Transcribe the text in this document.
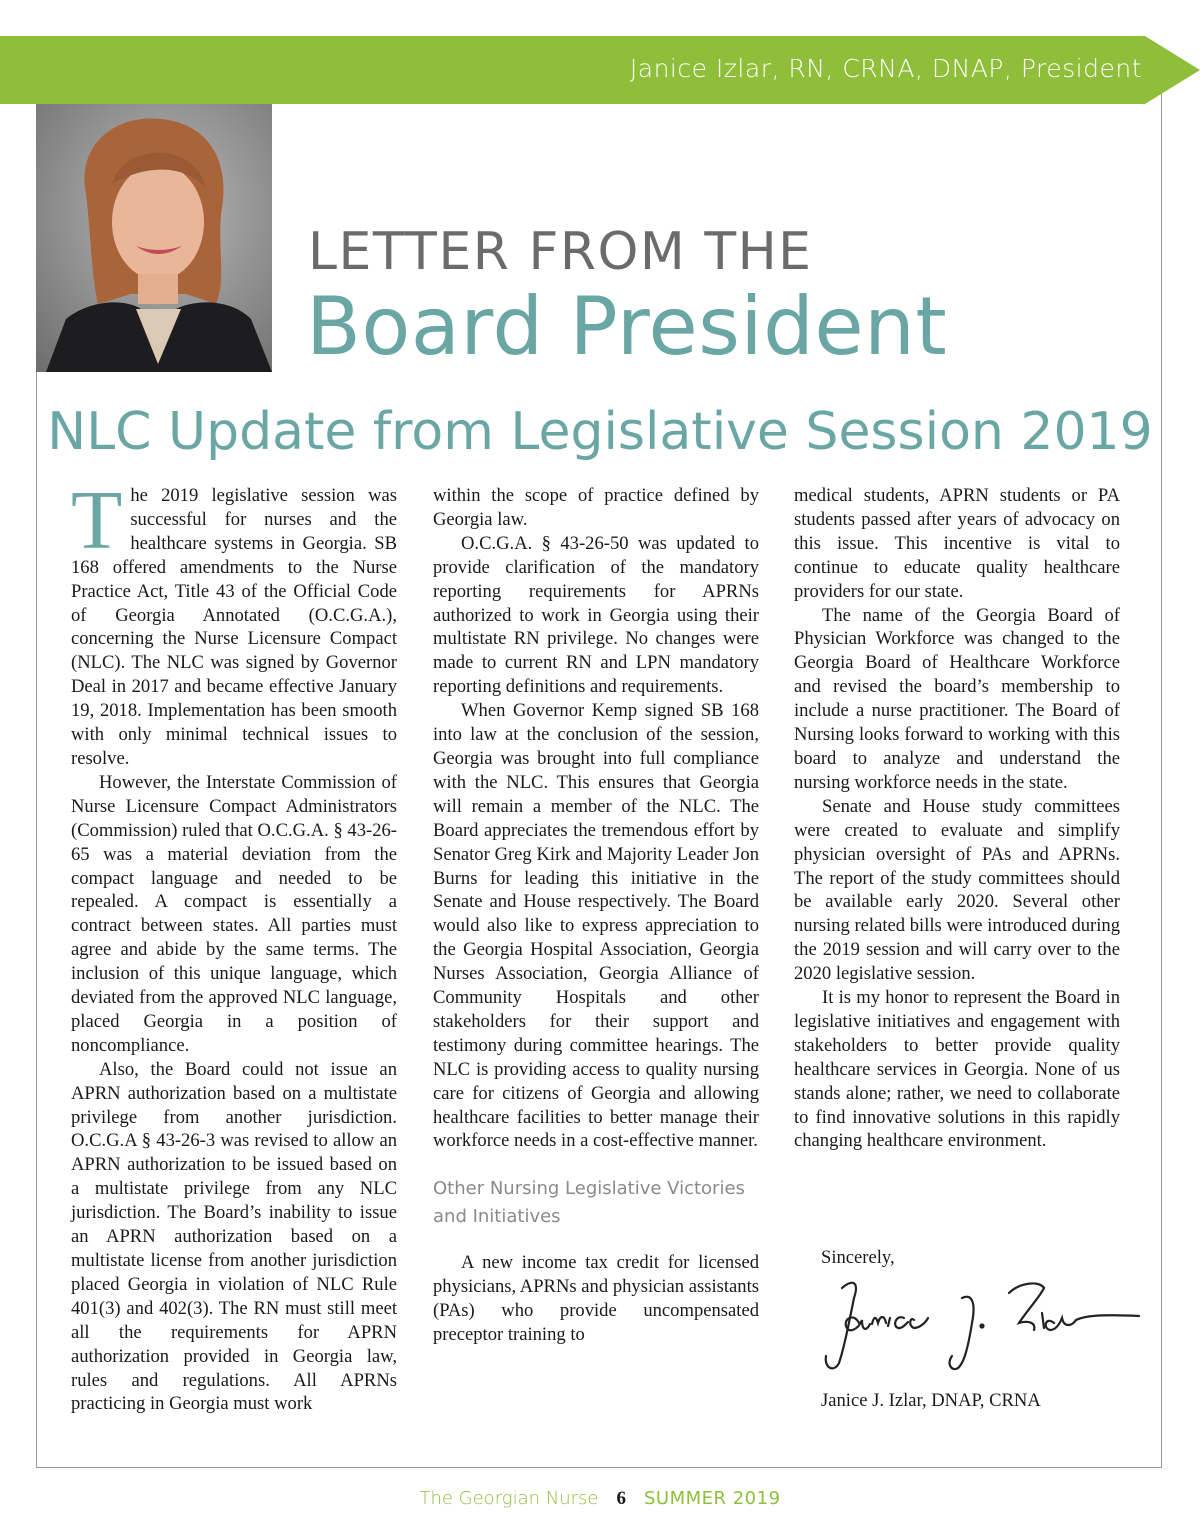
Janice Izlar, RN, CRNA, DNAP, President
LETTER FROM THE
Board President
NLC Update from Legislative Session 2019

The 2019 legislative session was successful for nurses and the healthcare systems in Georgia. SB 168 offered amendments to the Nurse Practice Act, Title 43 of the Official Code of Georgia Annotated (O.C.G.A.), concerning the Nurse Licensure Compact (NLC). The NLC was signed by Governor Deal in 2017 and became effective January 19, 2018. Implementation has been smooth with only minimal technical issues to resolve.

However, the Interstate Commission of Nurse Licensure Compact Administrators (Commission) ruled that O.C.G.A. § 43-26-65 was a material deviation from the compact language and needed to be repealed. A compact is essentially a contract between states. All parties must agree and abide by the same terms. The inclusion of this unique language, which deviated from the approved NLC language, placed Georgia in a position of noncompliance.

Also, the Board could not issue an APRN authorization based on a multistate privilege from another jurisdiction. O.C.G.A § 43-26-3 was revised to allow an APRN authorization to be issued based on a multistate privilege from any NLC jurisdiction. The Board’s inability to issue an APRN authorization based on a multistate license from another jurisdiction placed Georgia in violation of NLC Rule 401(3) and 402(3). The RN must still meet all the requirements for APRN authorization provided in Georgia law, rules and regulations. All APRNs practicing in Georgia must work

within the scope of practice defined by Georgia law.

O.C.G.A. § 43-26-50 was updated to provide clarification of the mandatory reporting requirements for APRNs authorized to work in Georgia using their multistate RN privilege. No changes were made to current RN and LPN mandatory reporting definitions and requirements.

When Governor Kemp signed SB 168 into law at the conclusion of the session, Georgia was brought into full compliance with the NLC. This ensures that Georgia will remain a member of the NLC. The Board appreciates the tremendous effort by Senator Greg Kirk and Majority Leader Jon Burns for leading this initiative in the Senate and House respectively. The Board would also like to express appreciation to the Georgia Hospital Association, Georgia Nurses Association, Georgia Alliance of Community Hospitals and other stakeholders for their support and testimony during committee hearings. The NLC is providing access to quality nursing care for citizens of Georgia and allowing healthcare facilities to better manage their workforce needs in a cost-effective manner.

Other Nursing Legislative Victories and Initiatives

A new income tax credit for licensed physicians, APRNs and physician assistants (PAs) who provide uncompensated preceptor training to

medical students, APRN students or PA students passed after years of advocacy on this issue. This incentive is vital to continue to educate quality healthcare providers for our state.

The name of the Georgia Board of Physician Workforce was changed to the Georgia Board of Healthcare Workforce and revised the board’s membership to include a nurse practitioner. The Board of Nursing looks forward to working with this board to analyze and understand the nursing workforce needs in the state.

Senate and House study committees were created to evaluate and simplify physician oversight of PAs and APRNs. The report of the study committees should be available early 2020. Several other nursing related bills were introduced during the 2019 session and will carry over to the 2020 legislative session.

It is my honor to represent the Board in legislative initiatives and engagement with stakeholders to better provide quality healthcare services in Georgia. None of us stands alone; rather, we need to collaborate to find innovative solutions in this rapidly changing healthcare environment.

Sincerely,
Janice J. Izlar, DNAP, CRNA
The Georgian Nurse 6 SUMMER 2019
